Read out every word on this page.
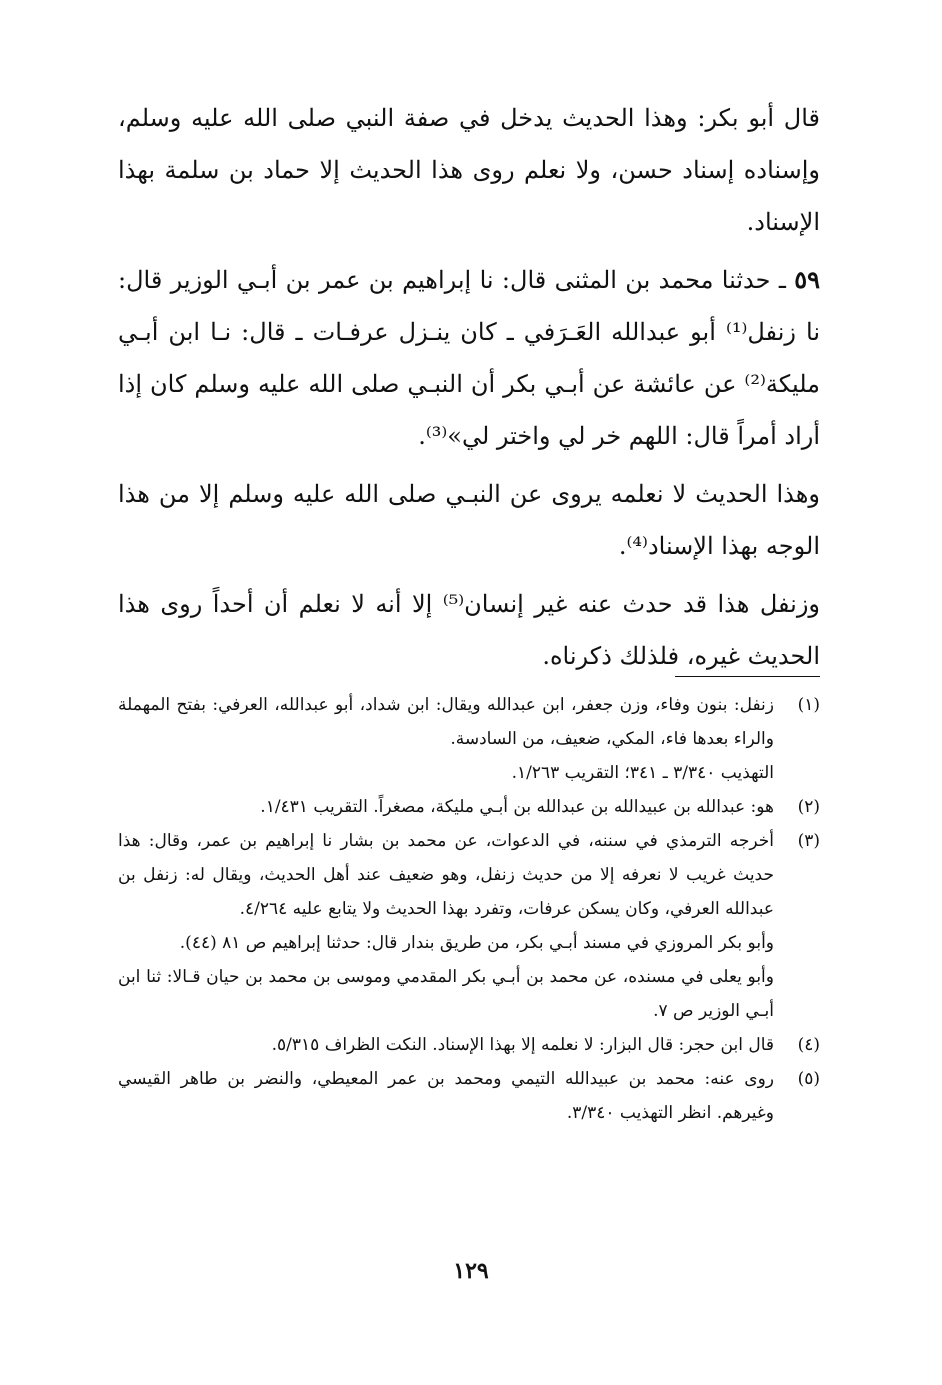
قال أبو بكر: وهذا الحديث يدخل في صفة النبي صلى الله عليه وسلم، وإسناده إسناد حسن، ولا نعلم روى هذا الحديث إلا حماد بن سلمة بهذا الإسناد.

٥٩ ـ حدثنا محمد بن المثنى قال: نا إبراهيم بن عمر بن أبـي الوزير قال: نا زنفل⁽¹⁾ أبو عبدالله العَـرَفي ـ كان ينـزل عرفـات ـ قال: نـا ابن أبـي مليكة⁽²⁾ عن عائشة عن أبـي بكر أن النبـي صلى الله عليه وسلم كان إذا أراد أمراً قال: اللهم خر لي واختر لي»⁽³⁾.

وهذا الحديث لا نعلمه يروى عن النبـي صلى الله عليه وسلم إلا من هذا الوجه بهذا الإسناد⁽⁴⁾.

وزنفل هذا قد حدث عنه غير إنسان⁽⁵⁾ إلا أنه لا نعلم أن أحداً روى هذا الحديث غيره، فلذلك ذكرناه.

(١)

زنفل: بنون وفاء، وزن جعفر، ابن عبدالله ويقال: ابن شداد، أبو عبدالله، العرفي: بفتح المهملة والراء بعدها فاء، المكي، ضعيف، من السادسة.

التهذيب ٣/٣٤٠ ـ ٣٤١؛ التقريب ١/٢٦٣.

(٢)

هو: عبدالله بن عبيدالله بن عبدالله بن أبـي مليكة، مصغراً. التقريب ١/٤٣١.

(٣)

أخرجه الترمذي في سننه، في الدعوات، عن محمد بن بشار نا إبراهيم بن عمر، وقال: هذا حديث غريب لا نعرفه إلا من حديث زنفل، وهو ضعيف عند أهل الحديث، ويقال له: زنفل بن عبدالله العرفي، وكان يسكن عرفات، وتفرد بهذا الحديث ولا يتابع عليه ٤/٢٦٤.

وأبو بكر المروزي في مسند أبـي بكر، من طريق بندار قال: حدثنا إبراهيم ص ٨١ (٤٤).

وأبو يعلى في مسنده، عن محمد بن أبـي بكر المقدمي وموسى بن محمد بن حيان قـالا: ثنا ابن أبـي الوزير ص ٧.

(٤)

قال ابن حجر: قال البزار: لا نعلمه إلا بهذا الإسناد. النكت الظراف ٥/٣١٥.

(٥)

روى عنه: محمد بن عبيدالله التيمي ومحمد بن عمر المعيطي، والنضر بن طاهر القيسي وغيرهم. انظر التهذيب ٣/٣٤٠.

١٢٩
